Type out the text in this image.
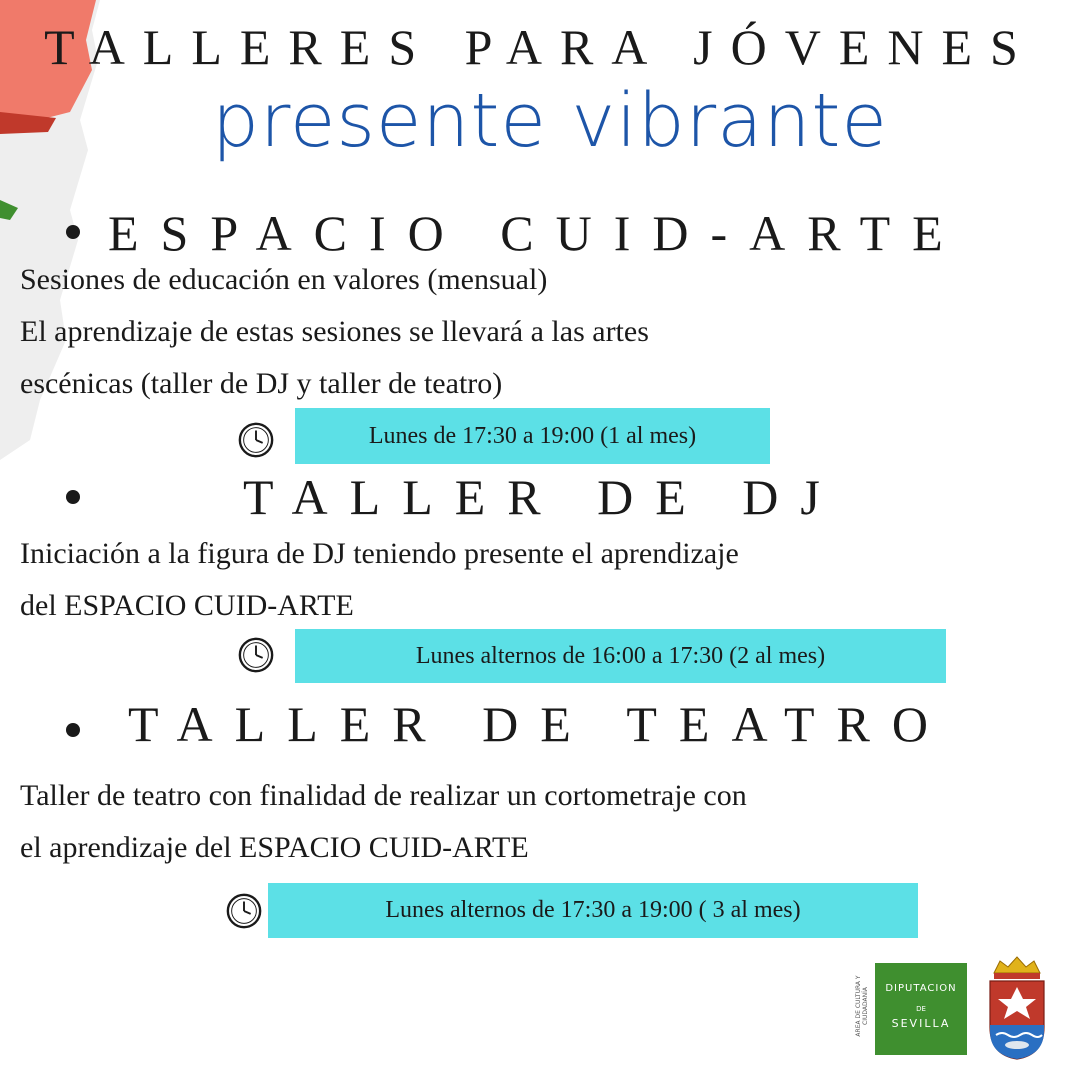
TALLERES PARA JÓVENES
presente vibrante
ESPACIO CUID-ARTE
Sesiones de educación en valores (mensual)
El aprendizaje de estas sesiones se llevará a las artes
escénicas (taller de DJ y taller de teatro)
Lunes de 17:30 a 19:00 (1 al mes)
TALLER DE DJ
Iniciación a la figura de DJ teniendo presente el aprendizaje
del ESPACIO CUID-ARTE
Lunes alternos de 16:00 a 17:30 (2 al mes)
TALLER DE TEATRO
Taller de teatro con finalidad de realizar un cortometraje con
el aprendizaje del ESPACIO CUID-ARTE
Lunes alternos de 17:30 a 19:00 ( 3 al mes)
ÁREA DE CULTURA Y CIUDADANÍA	DIPUTACION
DE
SEVILLA
